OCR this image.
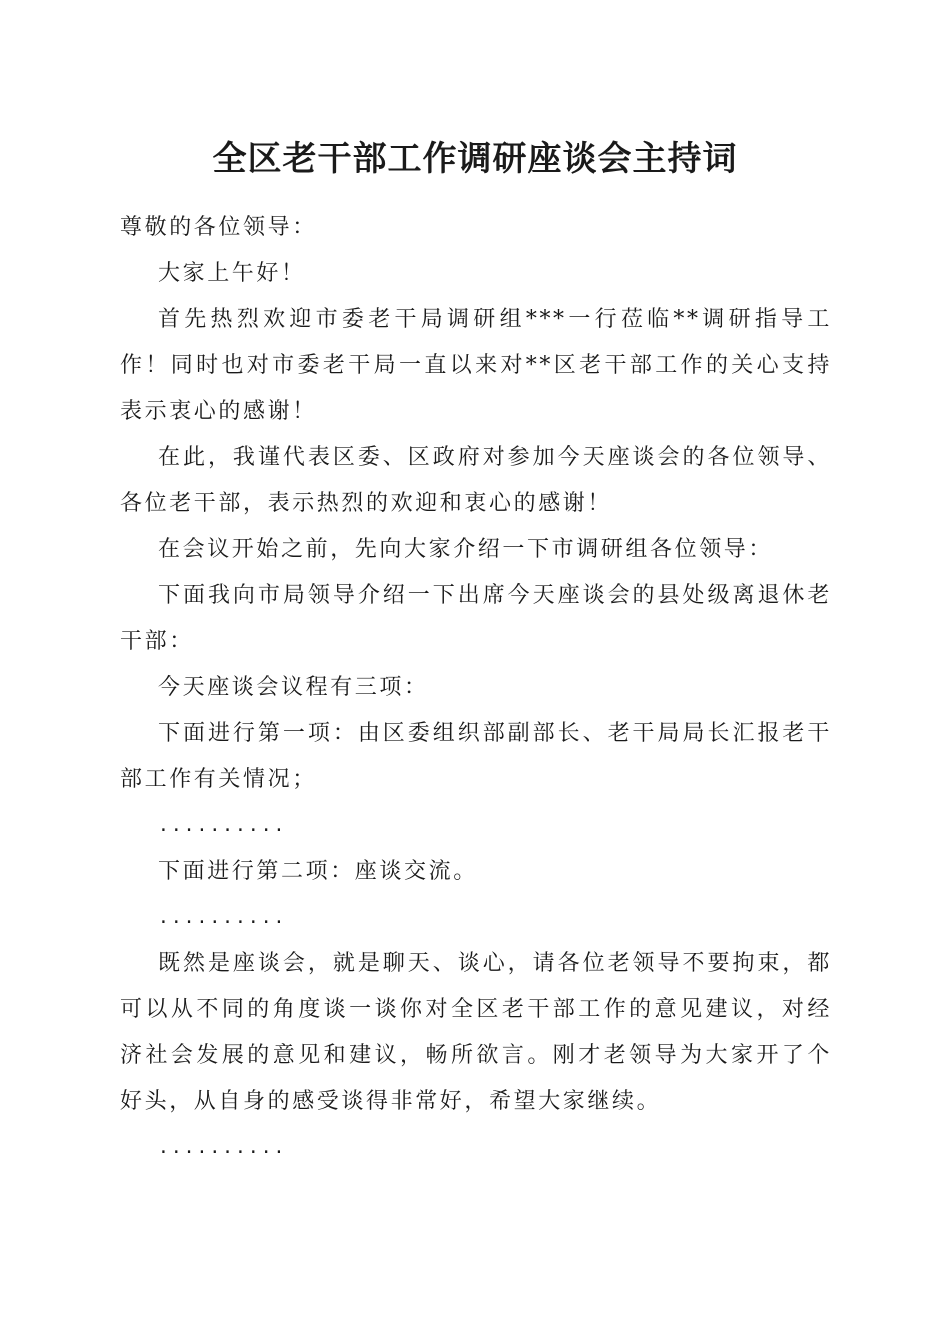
全区老干部工作调研座谈会主持词

尊敬的各位领导：

大家上午好！

首先热烈欢迎市委老干局调研组***一行莅临**调研指导工作！同时也对市委老干局一直以来对**区老干部工作的关心支持表示衷心的感谢！

在此，我谨代表区委、区政府对参加今天座谈会的各位领导、各位老干部，表示热烈的欢迎和衷心的感谢！

在会议开始之前，先向大家介绍一下市调研组各位领导：

下面我向市局领导介绍一下出席今天座谈会的县处级离退休老干部：

今天座谈会议程有三项：

下面进行第一项：由区委组织部副部长、老干局局长汇报老干部工作有关情况；

..........

下面进行第二项：座谈交流。

..........

既然是座谈会，就是聊天、谈心，请各位老领导不要拘束，都可以从不同的角度谈一谈你对全区老干部工作的意见建议，对经济社会发展的意见和建议，畅所欲言。刚才老领导为大家开了个好头，从自身的感受谈得非常好，希望大家继续。

..........
